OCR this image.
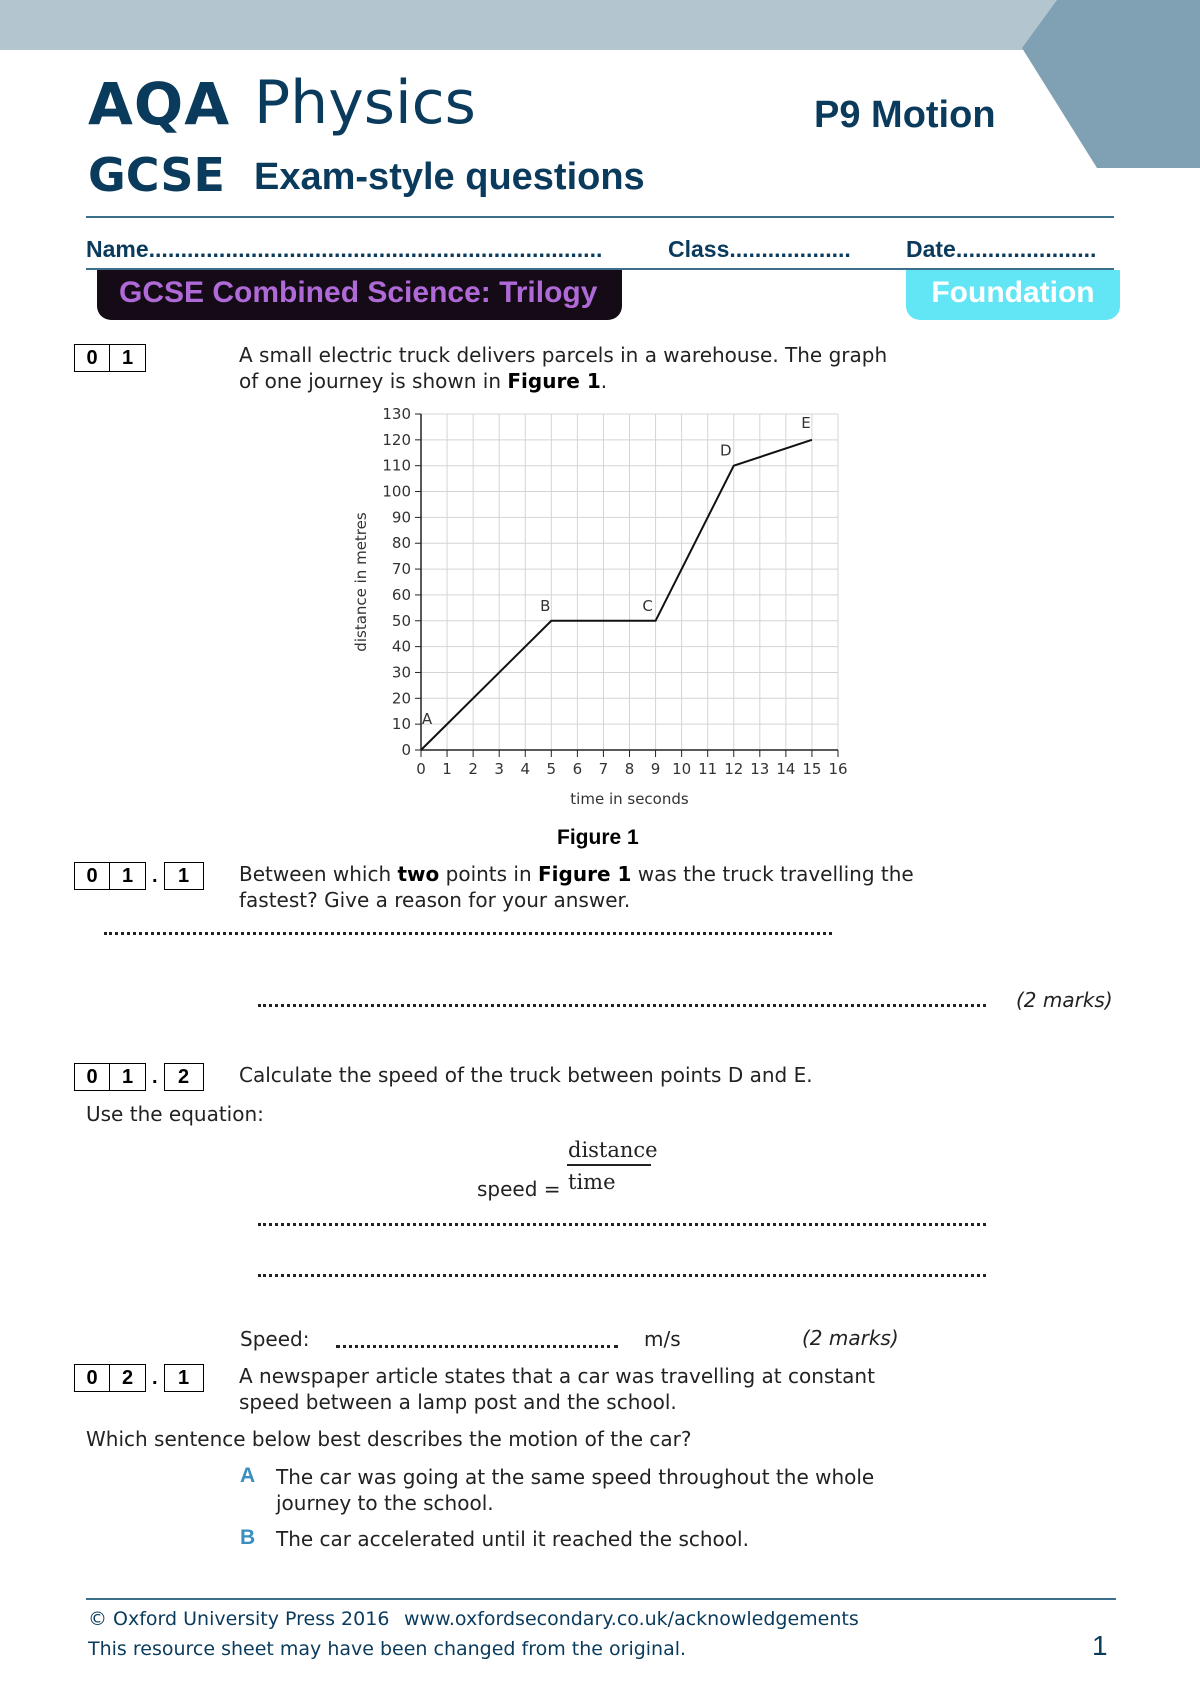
AQA Physics
GCSE Exam-style questions
P9 Motion
Name.......................................................................	Class................... Date......................
GCSE Combined Science: Trilogy	Foundation
0	1	A small electric truck delivers parcels in a warehouse. The graph
of one journey is shown in Figure 1.
0 1 2 3 4 5 6 7 8 9 10 11 12 13 14 15 16
0
10
20
30
40
50
60
70
80
90
100
110
120
130
time in seconds
distance in metres
A
B	C
D
E
Figure 1
0	1 .	1	Between which two points in Figure 1 was the truck travelling the
fastest? Give a reason for your answer.
(2 marks)
0	1 .	2	Calculate the speed of the truck between points D and E.
Use the equation:
speed =
distance
time
Speed:	m/s	(2 marks)
0	2 .	1	A newspaper article states that a car was travelling at constant
speed between a lamp post and the school.
Which sentence below best describes the motion of the car?
A The car was going at the same speed throughout the whole
journey to the school.
B The car accelerated until it reached the school.
© Oxford University Press 2016 www.oxfordsecondary.co.uk/acknowledgements
This resource sheet may have been changed from the original.	1
